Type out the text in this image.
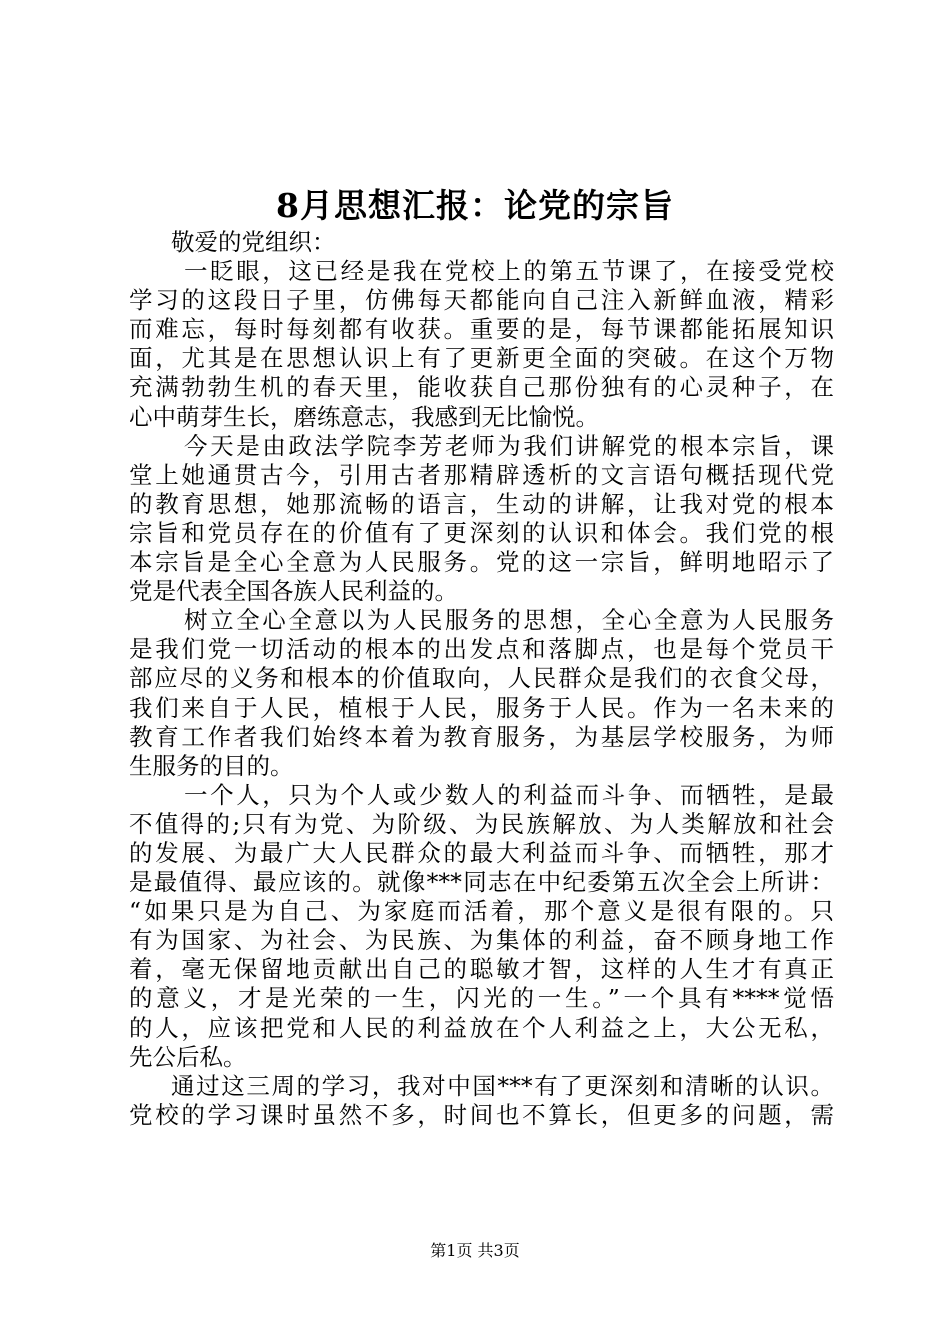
8月思想汇报：论党的宗旨
敬爱的党组织：
一眨眼，这已经是我在党校上的第五节课了，在接受党校
学习的这段日子里，仿佛每天都能向自己注入新鲜血液，精彩
而难忘，每时每刻都有收获。重要的是，每节课都能拓展知识
面，尤其是在思想认识上有了更新更全面的突破。在这个万物
充满勃勃生机的春天里，能收获自己那份独有的心灵种子，在
心中萌芽生长，磨练意志，我感到无比愉悦。
今天是由政法学院李芳老师为我们讲解党的根本宗旨，课
堂上她通贯古今，引用古者那精辟透析的文言语句概括现代党
的教育思想，她那流畅的语言，生动的讲解，让我对党的根本
宗旨和党员存在的价值有了更深刻的认识和体会。我们党的根
本宗旨是全心全意为人民服务。党的这一宗旨，鲜明地昭示了
党是代表全国各族人民利益的。
树立全心全意以为人民服务的思想，全心全意为人民服务
是我们党一切活动的根本的出发点和落脚点，也是每个党员干
部应尽的义务和根本的价值取向，人民群众是我们的衣食父母，
我们来自于人民，植根于人民，服务于人民。作为一名未来的
教育工作者我们始终本着为教育服务，为基层学校服务，为师
生服务的目的。
一个人，只为个人或少数人的利益而斗争、而牺牲，是最
不值得的;只有为党、为阶级、为民族解放、为人类解放和社会
的发展、为最广大人民群众的最大利益而斗争、而牺牲，那才
是最值得、最应该的。就像***同志在中纪委第五次全会上所讲：
“如果只是为自己、为家庭而活着，那个意义是很有限的。只
有为国家、为社会、为民族、为集体的利益，奋不顾身地工作
着，毫无保留地贡献出自己的聪敏才智，这样的人生才有真正
的意义，才是光荣的一生，闪光的一生。”一个具有****觉悟
的人，应该把党和人民的利益放在个人利益之上，大公无私，
先公后私。
通过这三周的学习，我对中国***有了更深刻和清晰的认识。
党校的学习课时虽然不多，时间也不算长，但更多的问题，需
第1页 共3页
